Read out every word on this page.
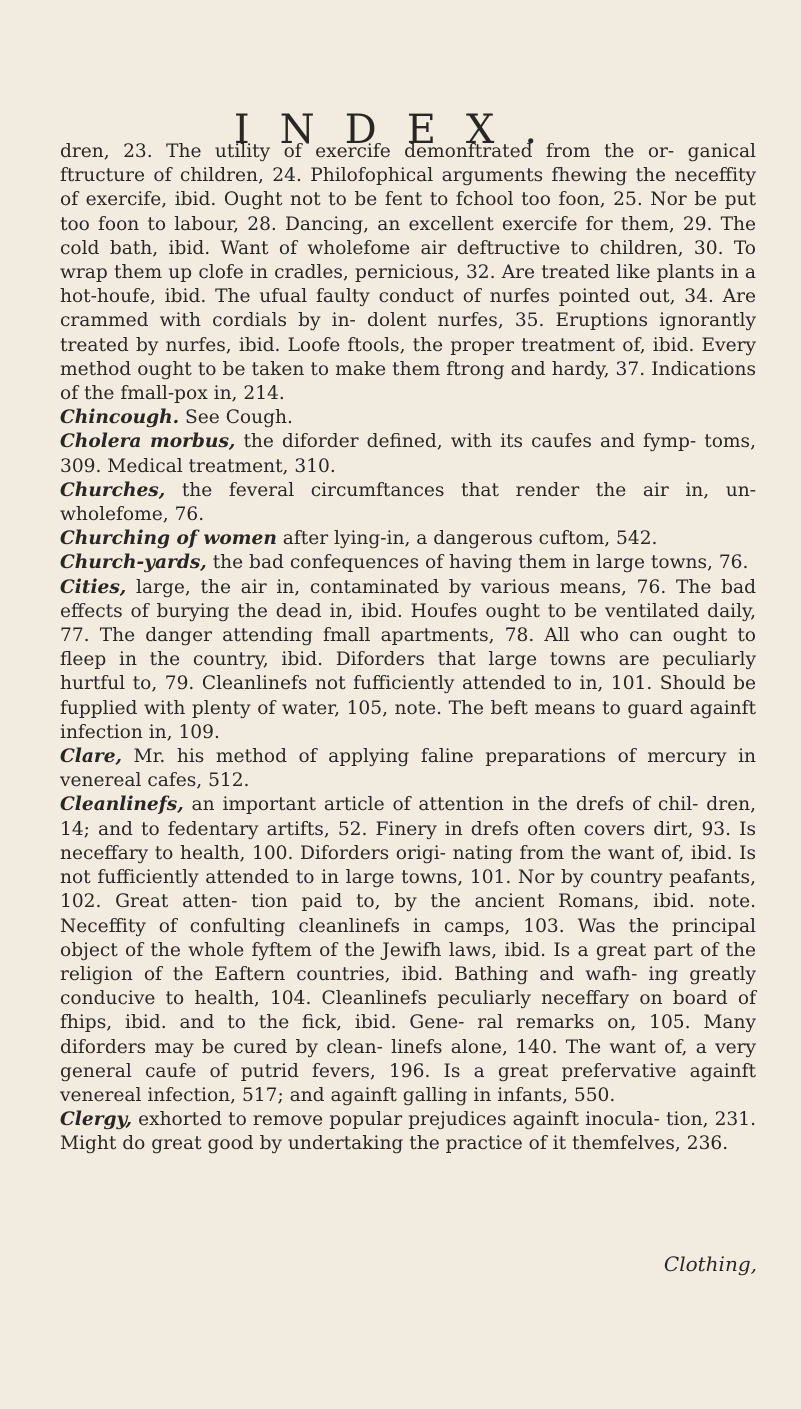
INDEX.

dren, 23. The utility of exercife demonftrated from the or- ganical ftructure of children, 24. Philofophical arguments fhewing the neceffity of exercife, ibid. Ought not to be fent to fchool too foon, 25. Nor be put too foon to labour, 28. Dancing, an excellent exercife for them, 29. The cold bath, ibid. Want of wholefome air deftructive to children, 30. To wrap them up clofe in cradles, pernicious, 32. Are treated like plants in a hot-houfe, ibid. The ufual faulty conduct of nurfes pointed out, 34. Are crammed with cordials by in- dolent nurfes, 35. Eruptions ignorantly treated by nurfes, ibid. Loofe ftools, the proper treatment of, ibid. Every method ought to be taken to make them ftrong and hardy, 37. Indications of the fmall-pox in, 214.

Chincough. See Cough.

Cholera morbus, the diforder defined, with its caufes and fymp- toms, 309. Medical treatment, 310.

Churches, the feveral circumftances that render the air in, un- wholefome, 76.

Churching of women after lying-in, a dangerous cuftom, 542.

Church-yards, the bad confequences of having them in large towns, 76.

Cities, large, the air in, contaminated by various means, 76. The bad effects of burying the dead in, ibid. Houfes ought to be ventilated daily, 77. The danger attending fmall apartments, 78. All who can ought to fleep in the country, ibid. Diforders that large towns are peculiarly hurtful to, 79. Cleanlinefs not fufficiently attended to in, 101. Should be fupplied with plenty of water, 105, note. The beft means to guard againft infection in, 109.

Clare, Mr. his method of applying faline preparations of mercury in venereal cafes, 512.

Cleanlinefs, an important article of attention in the drefs of chil- dren, 14; and to fedentary artifts, 52. Finery in drefs often covers dirt, 93. Is neceffary to health, 100. Diforders origi- nating from the want of, ibid. Is not fufficiently attended to in large towns, 101. Nor by country peafants, 102. Great atten- tion paid to, by the ancient Romans, ibid. note. Neceffity of confulting cleanlinefs in camps, 103. Was the principal object of the whole fyftem of the Jewifh laws, ibid. Is a great part of the religion of the Eaftern countries, ibid. Bathing and wafh- ing greatly conducive to health, 104. Cleanlinefs peculiarly neceffary on board of fhips, ibid. and to the fick, ibid. Gene- ral remarks on, 105. Many diforders may be cured by clean- linefs alone, 140. The want of, a very general caufe of putrid fevers, 196. Is a great prefervative againft venereal infection, 517; and againft galling in infants, 550.

Clergy, exhorted to remove popular prejudices againft inocula- tion, 231. Might do great good by undertaking the practice of it themfelves, 236.

Clothing,
